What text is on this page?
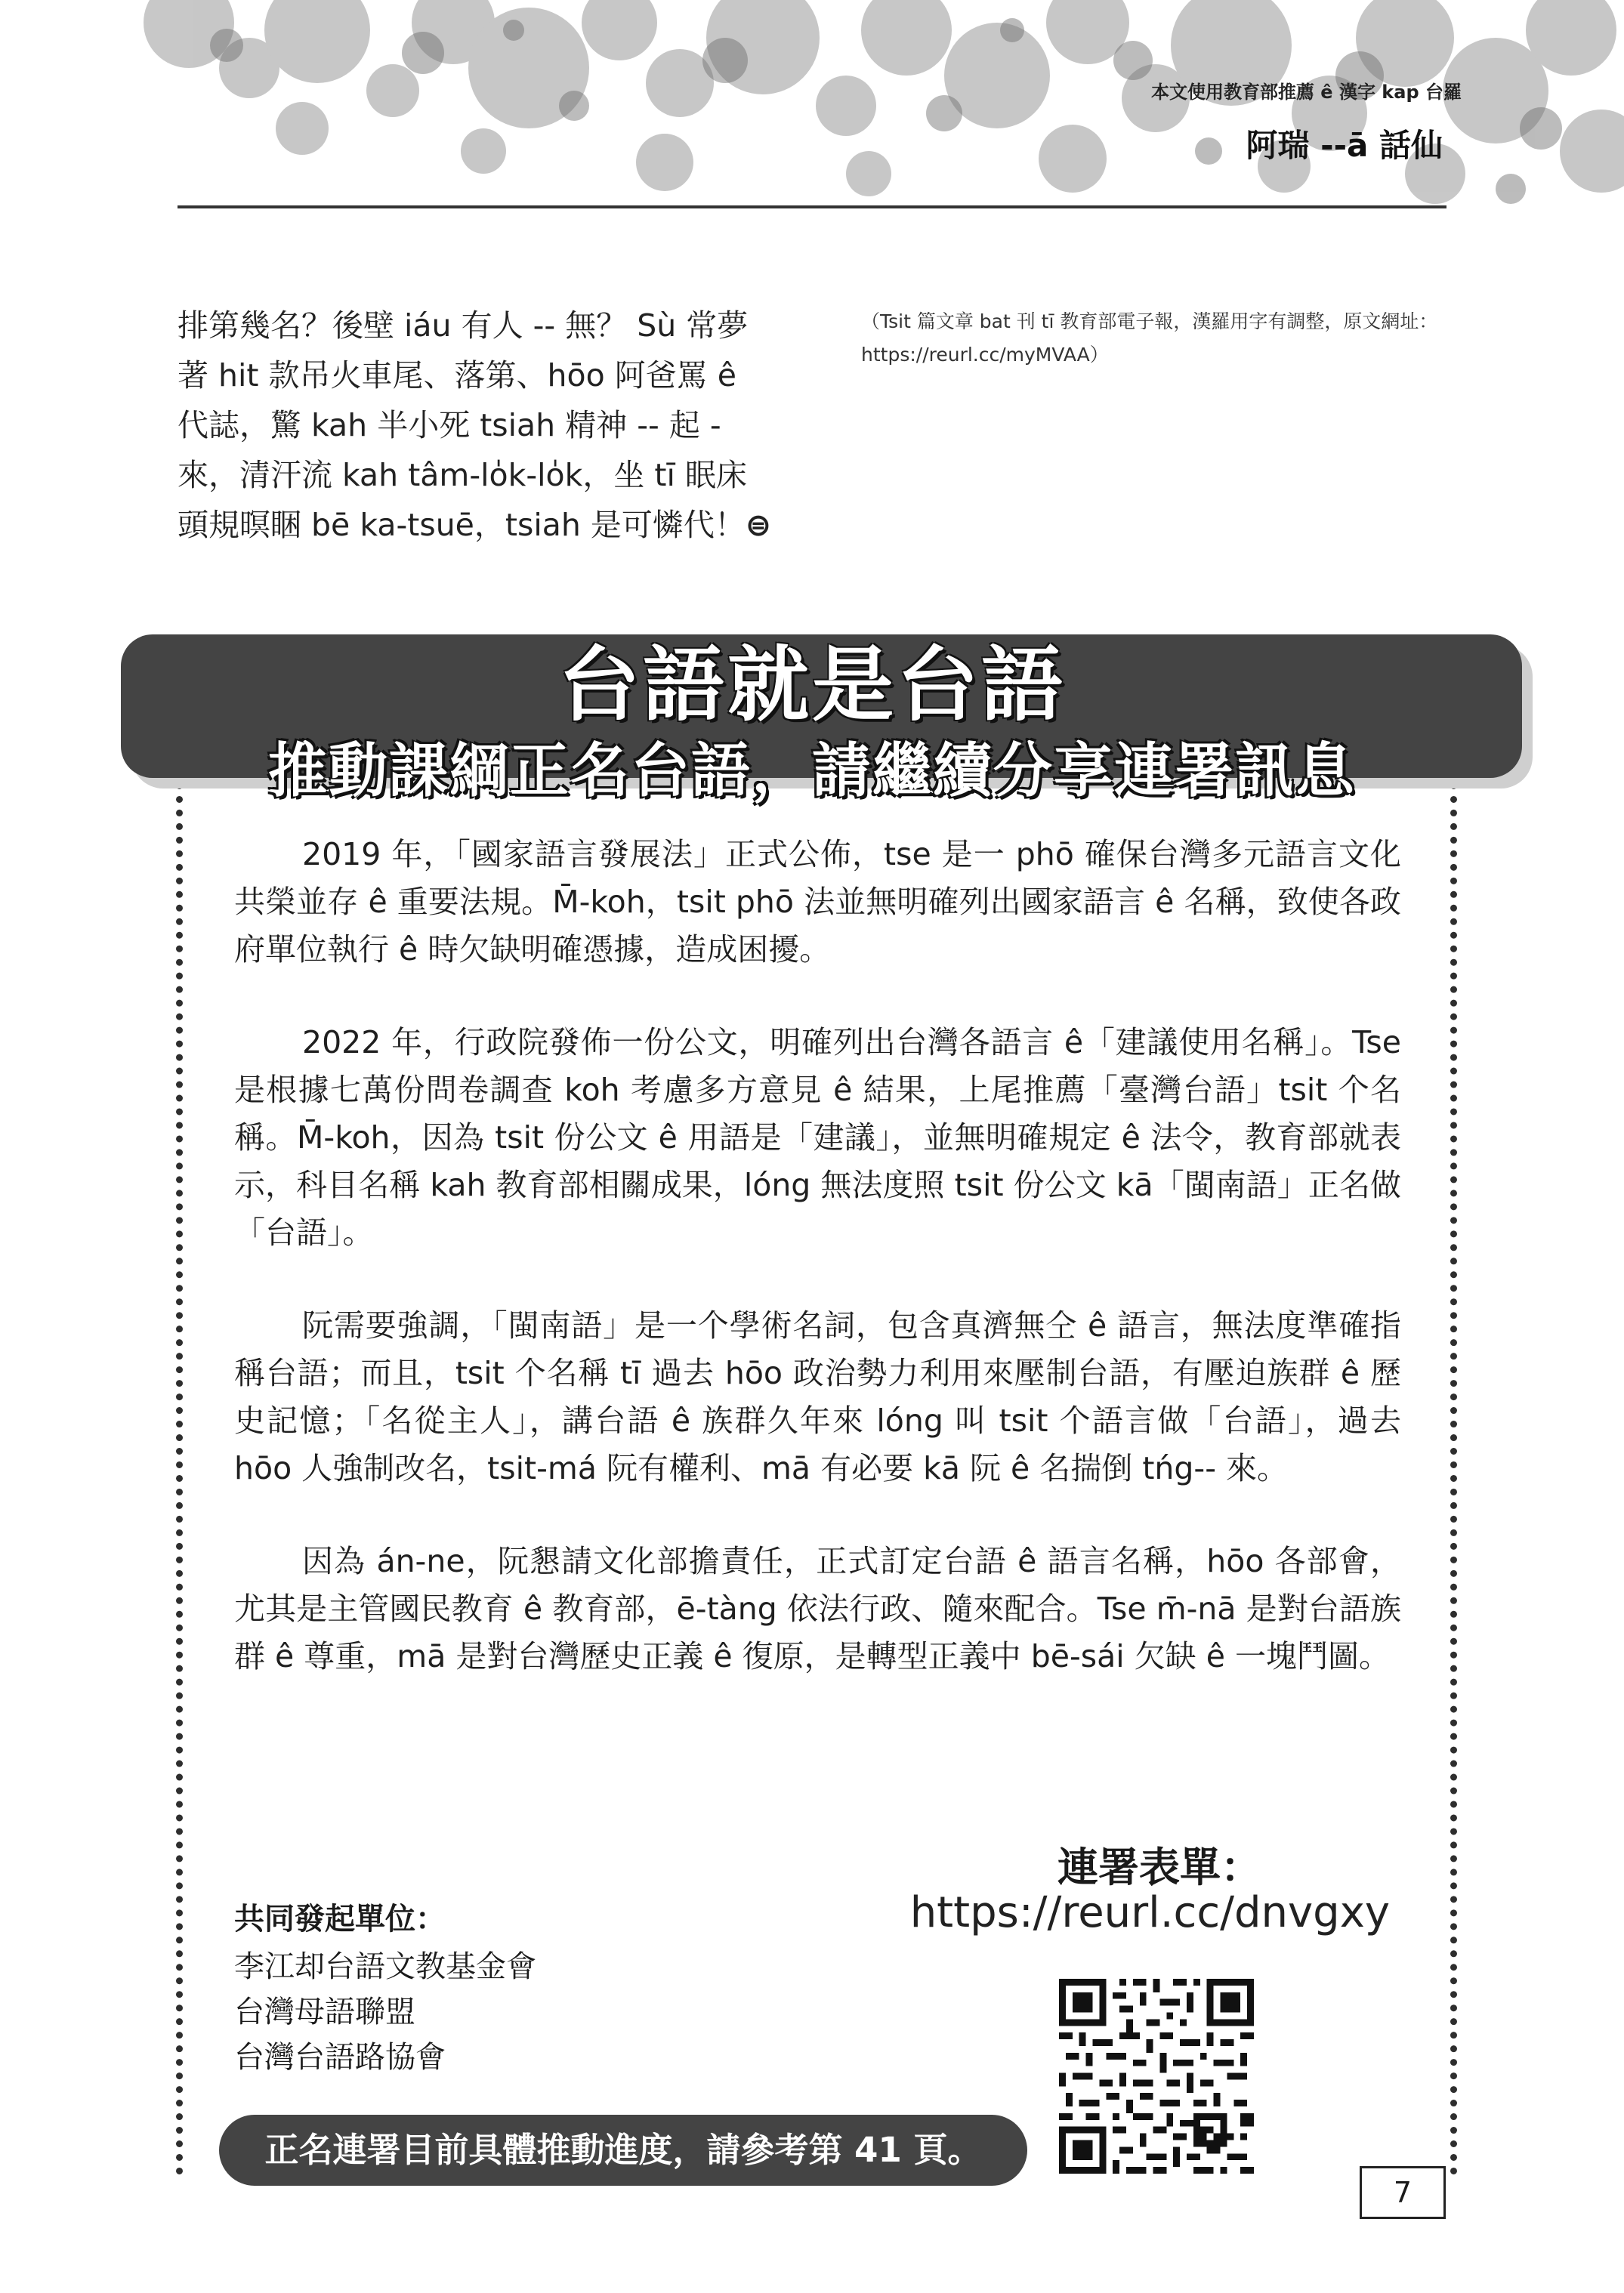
本文使用教育部推薦 ê 漢字 kap 台羅
阿瑞 --ā 話仙
排第幾名？後壁 iáu 有人 -- 無？ Sù 常夢著 hit 款吊火車尾、落第、hōo 阿爸罵 ê 代誌，驚 kah 半小死 tsiah 精神 -- 起 - 來，清汗流 kah tâm-lo̍k-lo̍k，坐 tī 眠床頭規暝睏 bē ka-tsuē，tsiah 是可憐代！⊜
（Tsit 篇文章 bat 刊 tī 教育部電子報，漢羅用字有調整，原文網址：https://reurl.cc/myMVAA）
台語就是台語
推動課綱正名台語，請繼續分享連署訊息

2019 年，「國家語言發展法」正式公佈，tse 是一 phō 確保台灣多元語言文化共榮並存 ê 重要法規。M̄-koh，tsit phō 法並無明確列出國家語言 ê 名稱，致使各政府單位執行 ê 時欠缺明確憑據，造成困擾。

2022 年，行政院發佈一份公文，明確列出台灣各語言 ê「建議使用名稱」。Tse 是根據七萬份問卷調查 koh 考慮多方意見 ê 結果，上尾推薦「臺灣台語」tsit 个名稱。M̄-koh，因為 tsit 份公文 ê 用語是「建議」，並無明確規定 ê 法令，教育部就表示，科目名稱 kah 教育部相關成果，lóng 無法度照 tsit 份公文 kā「閩南語」正名做「台語」。

阮需要強調，「閩南語」是一个學術名詞，包含真濟無仝 ê 語言，無法度準確指稱台語；而且，tsit 个名稱 tī 過去 hōo 政治勢力利用來壓制台語，有壓迫族群 ê 歷史記憶；「名從主人」，講台語 ê 族群久年來 lóng 叫 tsit 个語言做「台語」，過去 hōo 人強制改名，tsit-má 阮有權利、mā 有必要 kā 阮 ê 名揣倒 tńg-- 來。

因為 án-ne，阮懇請文化部擔責任，正式訂定台語 ê 語言名稱，hōo 各部會，尤其是主管國民教育 ê 教育部，ē-tàng 依法行政、隨來配合。Tse m̄-nā 是對台語族群 ê 尊重，mā 是對台灣歷史正義 ê 復原，是轉型正義中 bē-sái 欠缺 ê 一塊鬥圖。

共同發起單位：
李江却台語文教基金會
台灣母語聯盟
台灣台語路協會
連署表單：
https://reurl.cc/dnvgxy
正名連署目前具體推動進度，請參考第 41 頁。
7
